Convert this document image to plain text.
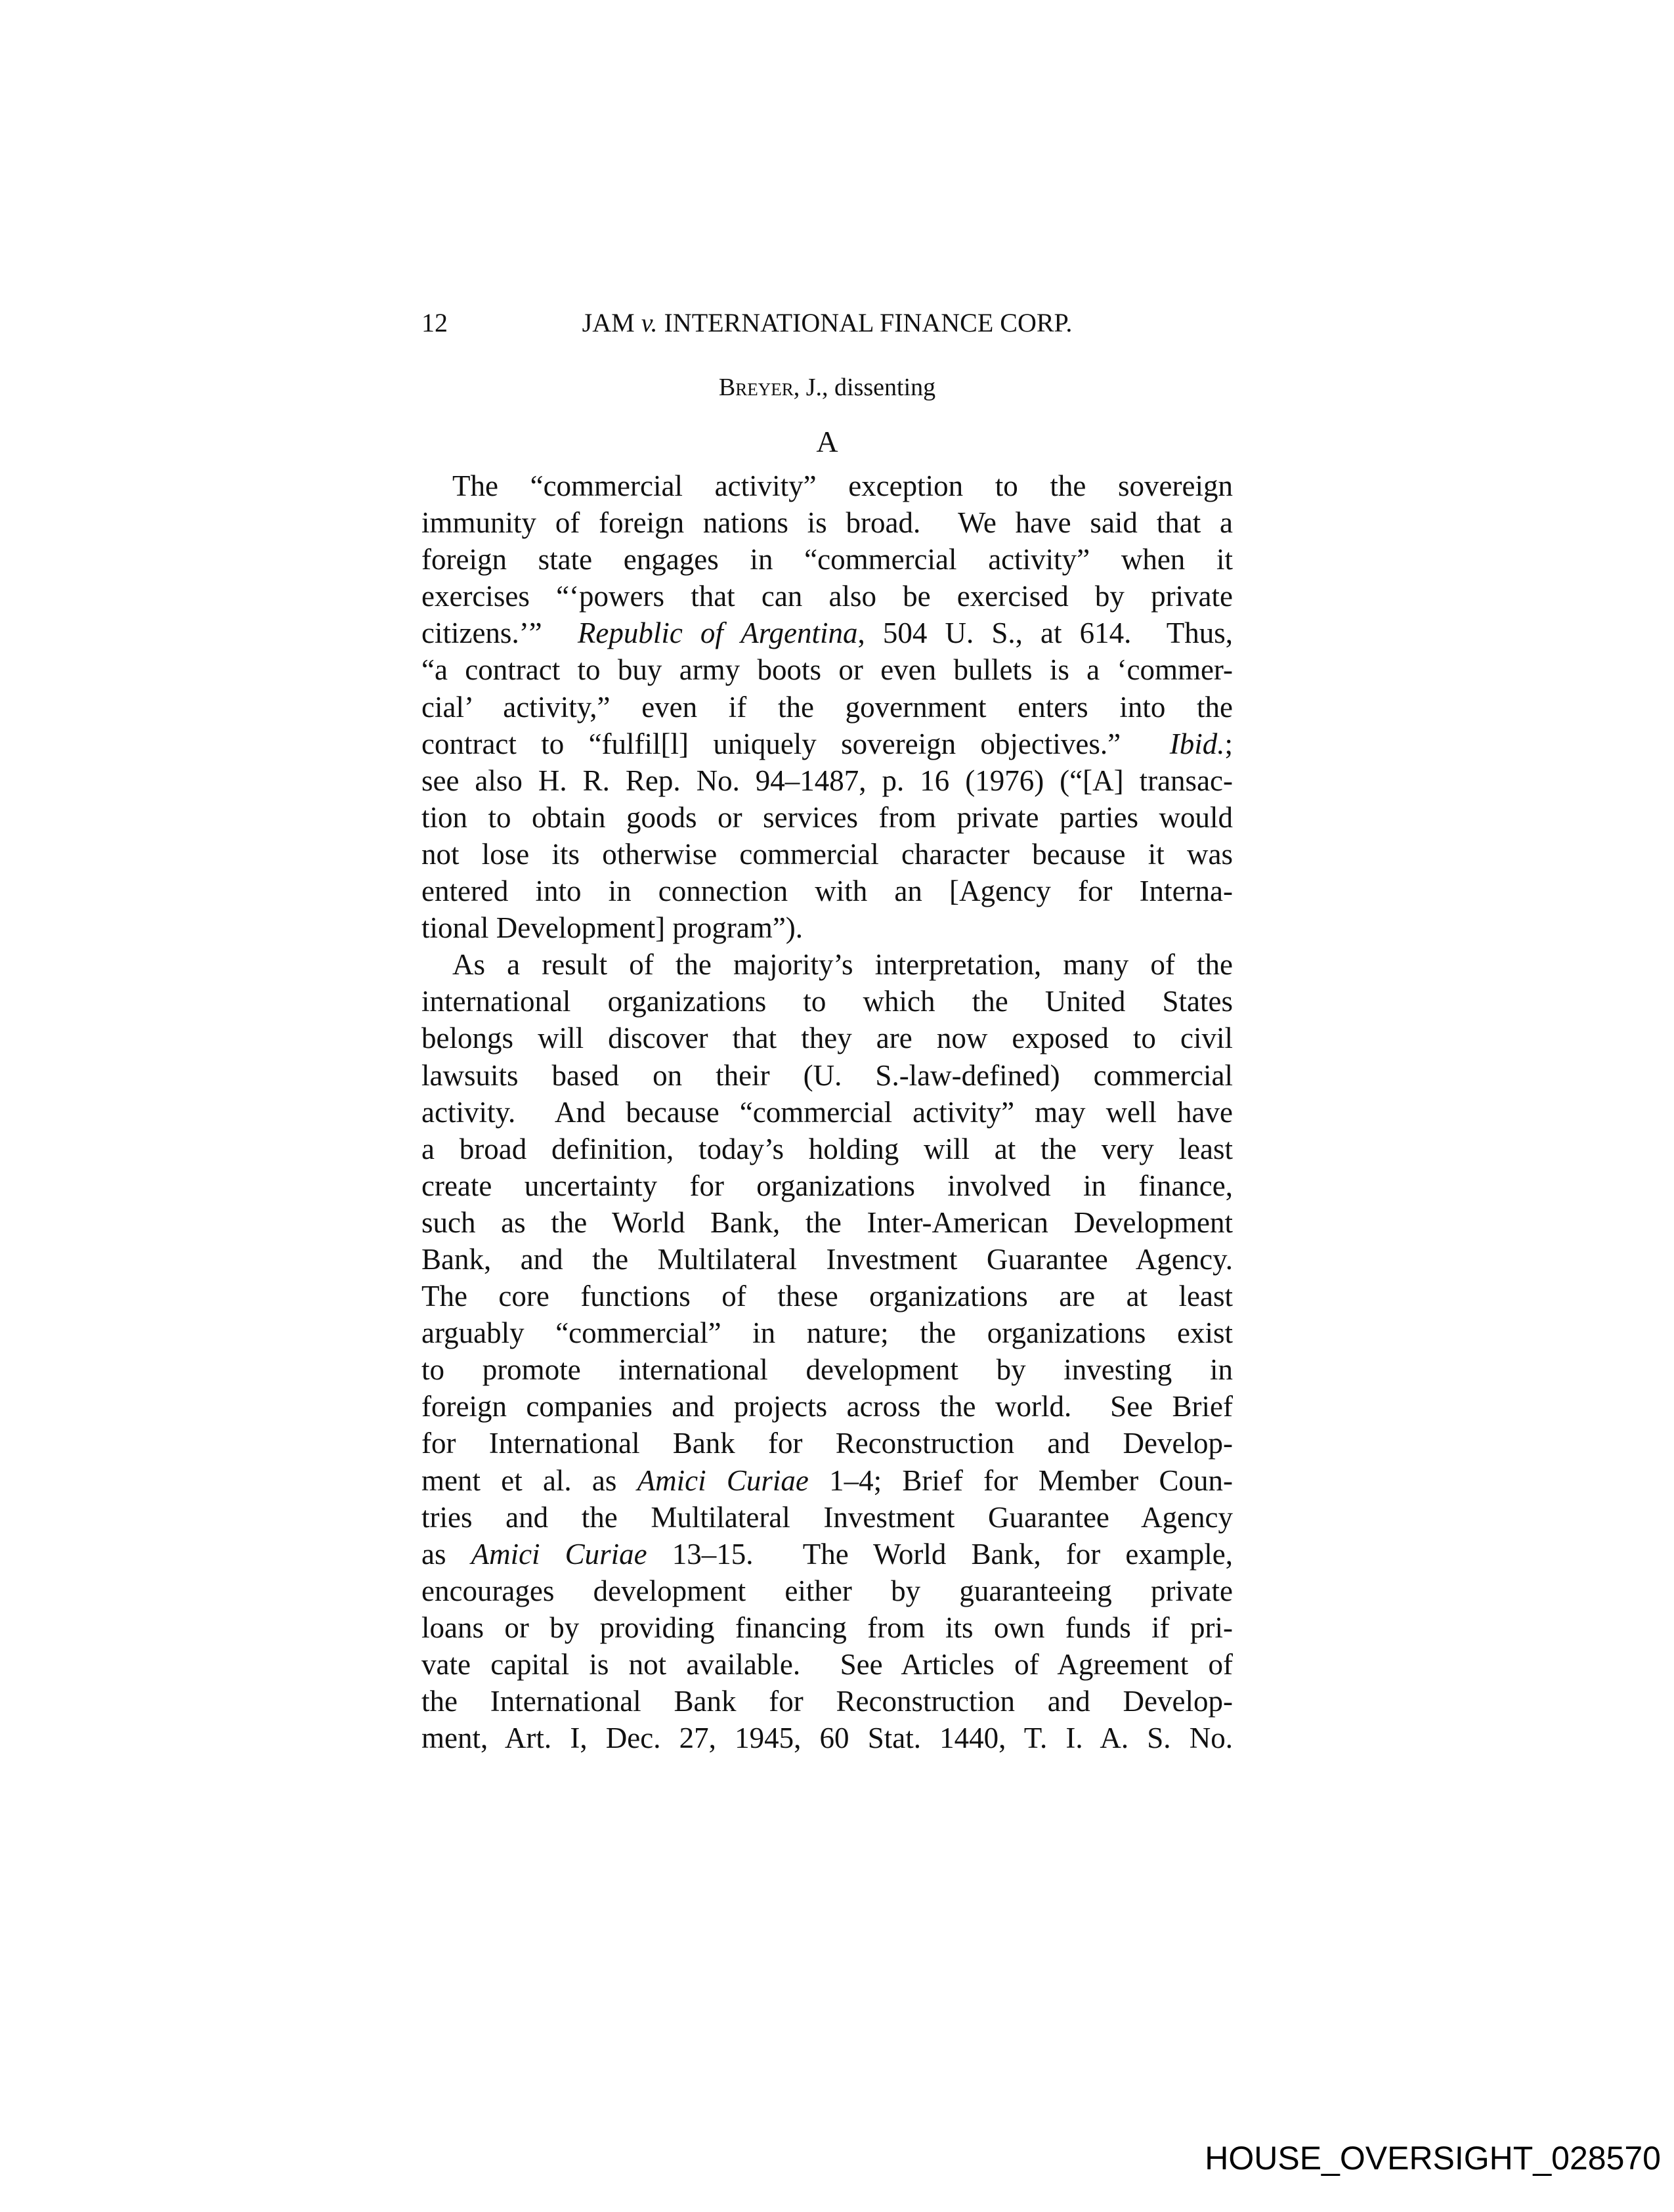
12	JAM v. INTERNATIONAL FINANCE CORP.
Breyer, J., dissenting
A
The “commercial activity” exception to the sovereign
immunity of foreign nations is broad.  We have said that a
foreign state engages in “commercial activity” when it
exercises “‘powers that can also be exercised by private
citizens.’”  Republic of Argentina, 504 U. S., at 614.  Thus,
“a contract to buy army boots or even bullets is a ‘commer-
cial’ activity,” even if the government enters into the
contract to “fulfil[l] uniquely sovereign objectives.”  Ibid.;
see also H. R. Rep. No. 94–1487, p. 16 (1976) (“[A] transac-
tion to obtain goods or services from private parties would
not lose its otherwise commercial character because it was
entered into in connection with an [Agency for Interna-
tional Development] program”).
As a result of the majority’s interpretation, many of the
international organizations to which the United States
belongs will discover that they are now exposed to civil
lawsuits based on their (U. S.-law-defined) commercial
activity.  And because “commercial activity” may well have
a broad definition, today’s holding will at the very least
create uncertainty for organizations involved in finance,
such as the World Bank, the Inter-American Development
Bank, and the Multilateral Investment Guarantee Agency.
The core functions of these organizations are at least
arguably “commercial” in nature; the organizations exist
to promote international development by investing in
foreign companies and projects across the world.  See Brief
for International Bank for Reconstruction and Develop-
ment et al. as Amici Curiae 1–4; Brief for Member Coun-
tries and the Multilateral Investment Guarantee Agency
as Amici Curiae 13–15.  The World Bank, for example,
encourages development either by guaranteeing private
loans or by providing financing from its own funds if pri-
vate capital is not available.  See Articles of Agreement of
the International Bank for Reconstruction and Develop-
ment, Art. I, Dec. 27, 1945, 60 Stat. 1440, T. I. A. S. No.
HOUSE_OVERSIGHT_028570
